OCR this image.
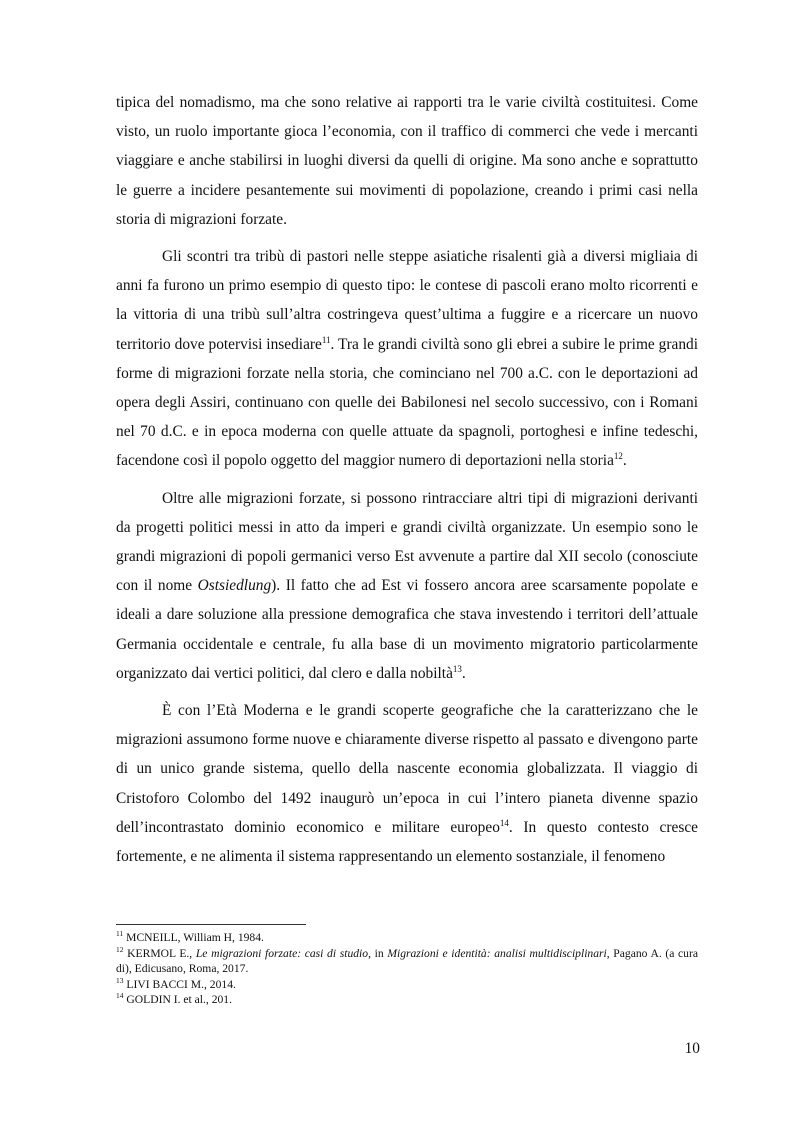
tipica del nomadismo, ma che sono relative ai rapporti tra le varie civiltà costituitesi. Come visto, un ruolo importante gioca l’economia, con il traffico di commerci che vede i mercanti viaggiare e anche stabilirsi in luoghi diversi da quelli di origine. Ma sono anche e soprattutto le guerre a incidere pesantemente sui movimenti di popolazione, creando i primi casi nella storia di migrazioni forzate.

Gli scontri tra tribù di pastori nelle steppe asiatiche risalenti già a diversi migliaia di anni fa furono un primo esempio di questo tipo: le contese di pascoli erano molto ricorrenti e la vittoria di una tribù sull’altra costringeva quest’ultima a fuggire e a ricercare un nuovo territorio dove potervisi insediare$^{11}$. Tra le grandi civiltà sono gli ebrei a subire le prime grandi forme di migrazioni forzate nella storia, che cominciano nel 700 a.C. con le deportazioni ad opera degli Assiri, continuano con quelle dei Babilonesi nel secolo successivo, con i Romani nel 70 d.C. e in epoca moderna con quelle attuate da spagnoli, portoghesi e infine tedeschi, facendone così il popolo oggetto del maggior numero di deportazioni nella storia$^{12}$.

Oltre alle migrazioni forzate, si possono rintracciare altri tipi di migrazioni derivanti da progetti politici messi in atto da imperi e grandi civiltà organizzate. Un esempio sono le grandi migrazioni di popoli germanici verso Est avvenute a partire dal XII secolo (conosciute con il nome Ostsiedlung). Il fatto che ad Est vi fossero ancora aree scarsamente popolate e ideali a dare soluzione alla pressione demografica che stava investendo i territori dell’attuale Germania occidentale e centrale, fu alla base di un movimento migratorio particolarmente organizzato dai vertici politici, dal clero e dalla nobiltà$^{13}$.

È con l’Età Moderna e le grandi scoperte geografiche che la caratterizzano che le migrazioni assumono forme nuove e chiaramente diverse rispetto al passato e divengono parte di un unico grande sistema, quello della nascente economia globalizzata. Il viaggio di Cristoforo Colombo del 1492 inaugurò un’epoca in cui l’intero pianeta divenne spazio dell’incontrastato dominio economico e militare europeo$^{14}$. In questo contesto cresce fortemente, e ne alimenta il sistema rappresentando un elemento sostanziale, il fenomeno

$^{11}$ MCNEILL, William H, 1984.

$^{12}$ KERMOL E., Le migrazioni forzate: casi di studio, in Migrazioni e identità: analisi multidisciplinari, Pagano A. (a cura di), Edicusano, Roma, 2017.

$^{13}$ LIVI BACCI M., 2014.

$^{14}$ GOLDIN I. et al., 201.

10
